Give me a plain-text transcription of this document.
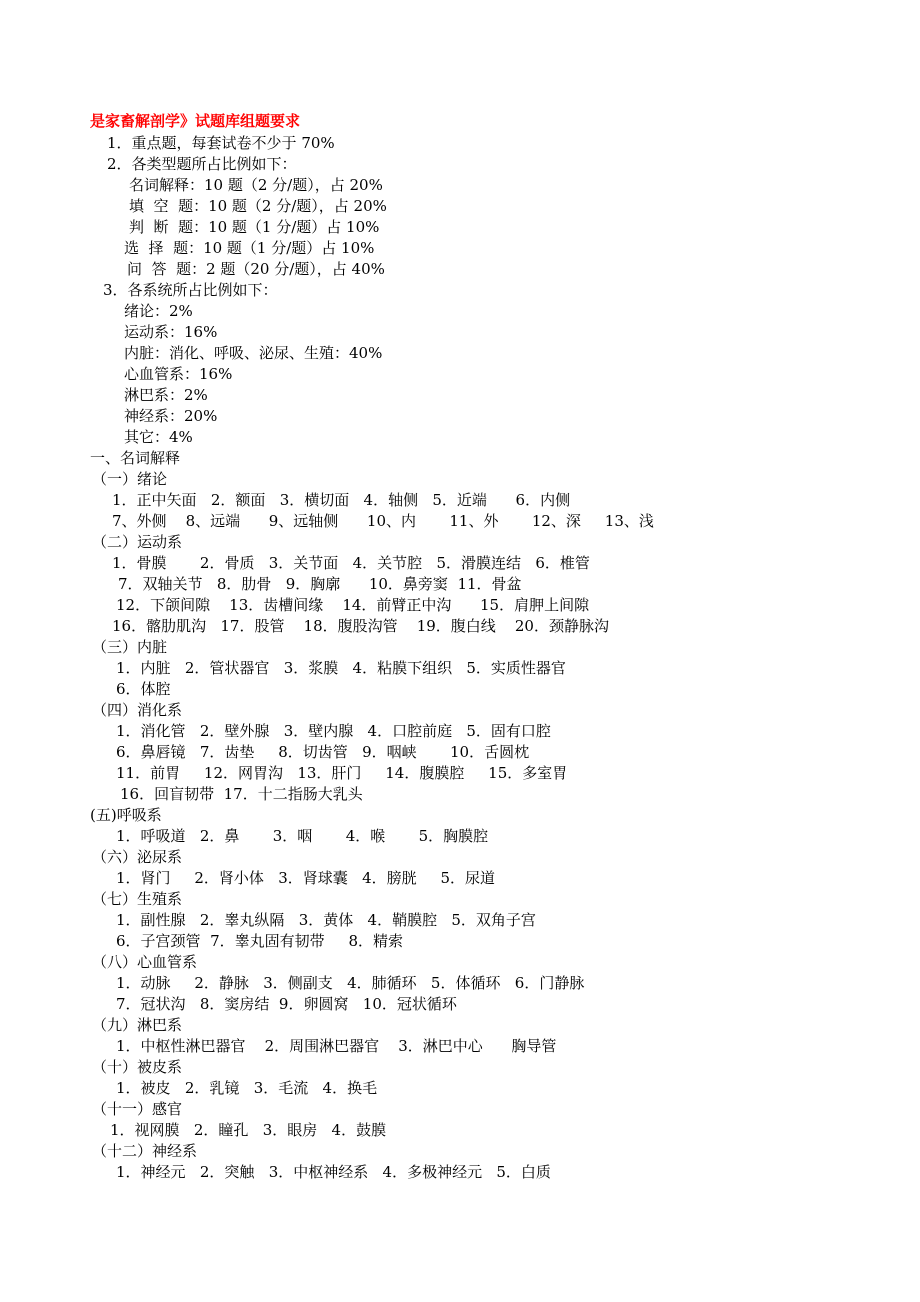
是家畜解剖学》试题库组题要求
1．重点题，每套试卷不少于 70%
2．各类型题所占比例如下：
名词解释：10 题（2 分/题），占 20%
填  空  题：10 题（2 分/题），占 20%
判  断  题：10 题（1 分/题）占 10%
选  择  题：10 题（1 分/题）占 10%
问  答  题：2 题（20 分/题），占 40%
3．各系统所占比例如下：
绪论：2%
运动系：16%
内脏：消化、呼吸、泌尿、生殖：40%
心血管系：16%
淋巴系：2%
神经系：20%
其它：4%
一、名词解释
（一）绪论
1．正中矢面   2．额面   3．横切面   4．轴侧   5．近端      6．内侧
7、外侧    8、远端      9、远轴侧      10、内       11、外       12、深     13、浅
（二）运动系
1．骨膜       2．骨质   3．关节面   4．关节腔   5．滑膜连结   6．椎管
7．双轴关节   8．肋骨   9．胸廓      10．鼻旁窦  11．骨盆
12．下颌间隙    13．齿槽间缘    14．前臂正中沟      15．肩胛上间隙
16．髂肋肌沟   17．股管    18．腹股沟管    19．腹白线    20．颈静脉沟
（三）内脏
1．内脏   2．管状器官   3．浆膜   4．粘膜下组织   5．实质性器官
6．体腔
（四）消化系
1．消化管   2．壁外腺   3．壁内腺   4．口腔前庭   5．固有口腔
6．鼻唇镜   7．齿垫     8．切齿管   9．咽峡       10．舌圆枕
11．前胃     12．网胃沟   13．肝门     14．腹膜腔     15．多室胃
16．回盲韧带  17．十二指肠大乳头
(五)呼吸系
1．呼吸道   2．鼻       3．咽       4．喉       5．胸膜腔
（六）泌尿系
1．肾门     2．肾小体   3．肾球囊   4．膀胱     5．尿道
（七）生殖系
1．副性腺   2．睾丸纵隔   3．黄体   4．鞘膜腔   5．双角子宫
6．子宫颈管  7．睾丸固有韧带     8．精索
（八）心血管系
1．动脉     2．静脉   3．侧副支   4．肺循环   5．体循环   6．门静脉
7．冠状沟   8．窦房结  9．卵圆窝   10．冠状循环
（九）淋巴系
1．中枢性淋巴器官    2．周围淋巴器官    3．淋巴中心      胸导管
（十）被皮系
1．被皮   2．乳镜   3．毛流   4．换毛
（十一）感官
1．视网膜   2．瞳孔   3．眼房   4．鼓膜
（十二）神经系
1．神经元   2．突触   3．中枢神经系   4．多极神经元   5．白质
